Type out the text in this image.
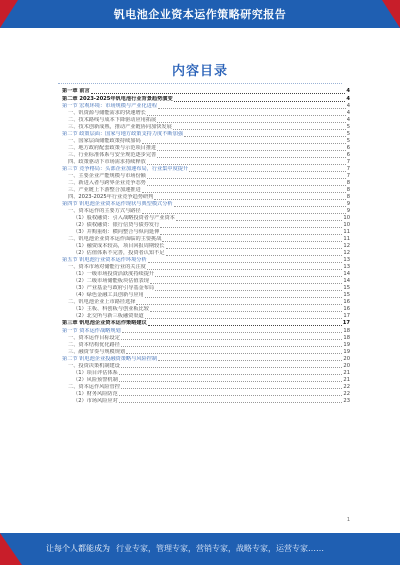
钒电池企业资本运作策略研究报告
内容目录
第一章 前言	4
第二章 2023-2025年钒电池行业背景趋势演变	4
第一节 宏观环境：市场规模与产业化进程	4
一、钒资源与储能需求的快速增长	4
二、技术路线与成本下降驱动应用拓展	4
三、技术创新成熟，推动产业链协同加快发展	5
第二节 政策层面：国家与地方政策支持力度不断加强	5
一、国家层面储能政策持续加码	5
二、地方政府配套政策与示范项目推进	6
三、行业标准体系与安全规范逐步完善	6
四、政策驱动下市场需求持续释放	7
第三节 竞争格局：头部企业加速布局，行业集中度提升	7
一、主要企业产能规模与市场份额	7
二、新进入者与跨界企业竞争态势	8
三、产业链上下游整合加速推进	8
四、2023-2025年行业竞争趋势研判	8
第四节 钒电池企业资本运作现状与典型模式分析	9
一、资本运作的主要方式与路径	9
（1）股权融资：引入战略投资者与产业资本	10
（2）债权融资：银行信贷与债券发行	10
（3）并购重组：横向整合与纵向延伸	11
二、钒电池企业资本运作面临的主要挑战	11
（1）融资成本较高，项目回报周期较长	12
（2）估值体系不完善，投资者认知不足	12
第五节 钒电池行业资本运作环境分析	13
一、资本市场对储能行业的关注度	13
（1）一级市场投资活跃度持续提升	14
（2）二级市场储能板块估值表现	14
（3）产业基金与政府引导基金布局	15
（4）绿色金融工具创新与应用	15
二、钒电池企业上市路径选择	16
（1）主板、科创板与创业板比较	16
（2）北交所与新三板融资渠道	17
第三章 钒电池企业资本运作策略建议	17
第一节 资本运作战略规划	18
一、资本运作目标设定	18
二、资本结构优化路径	19
三、融资节奏与规模规划	19
第二节 钒电池企业投融资策略与风险控制	20
一、投资决策机制建设	20
（1）项目评估体系	21
（2）风险预警机制	21
二、资本运作风险管控	22
（1）财务风险防范	22
（2）市场风险应对	23
1
让每个人都能成为 行业专家，管理专家，营销专家，战略专家，运营专家……
